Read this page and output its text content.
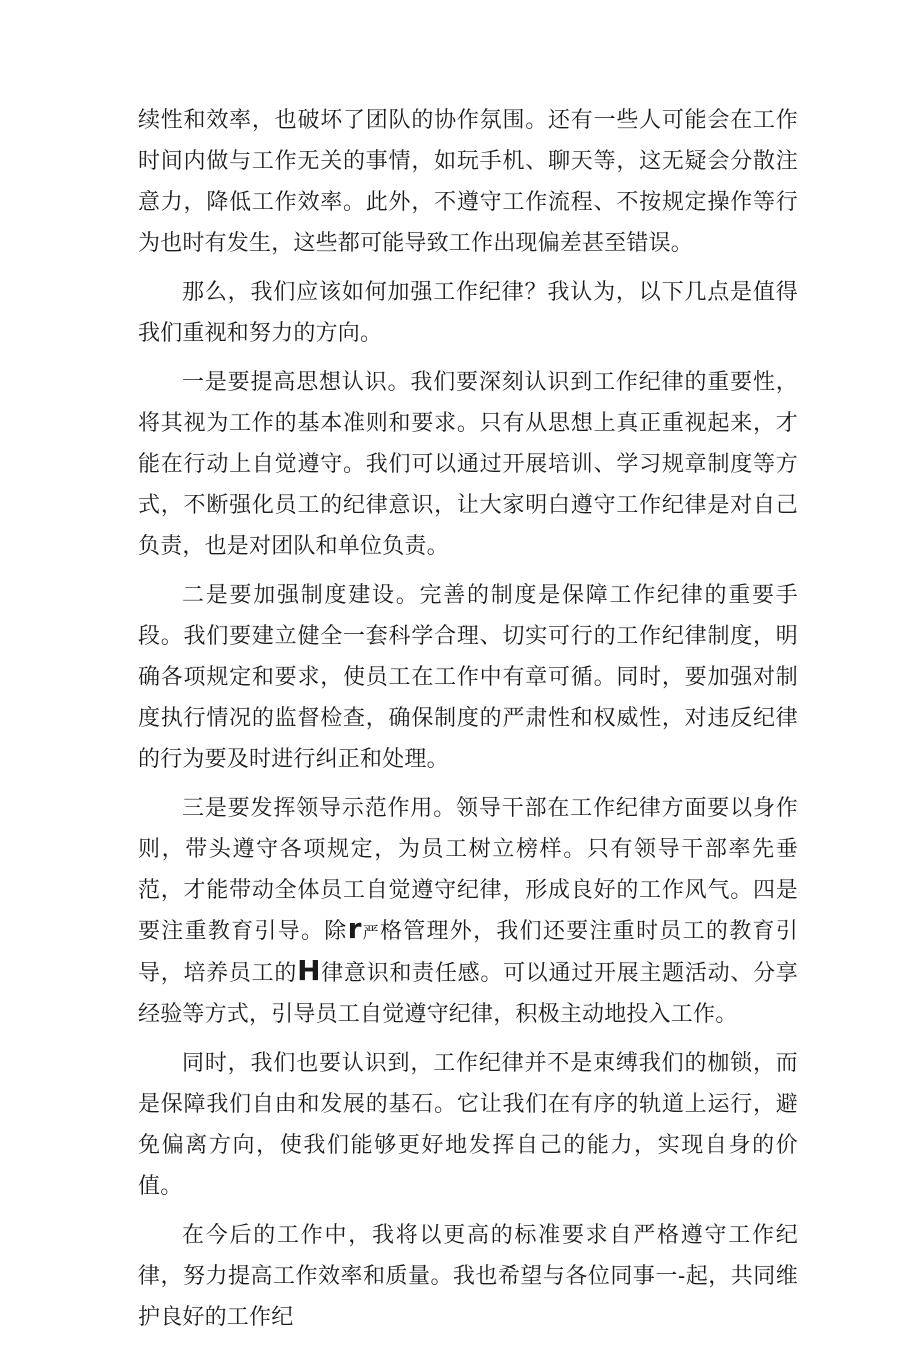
续性和效率，也破坏了团队的协作氛围。还有一些人可能会在工作时间内做与工作无关的事情，如玩手机、聊天等，这无疑会分散注意力，降低工作效率。此外，不遵守工作流程、不按规定操作等行为也时有发生，这些都可能导致工作出现偏差甚至错误。

那么，我们应该如何加强工作纪律？我认为，以下几点是值得我们重视和努力的方向。

一是要提高思想认识。我们要深刻认识到工作纪律的重要性，将其视为工作的基本准则和要求。只有从思想上真正重视起来，才能在行动上自觉遵守。我们可以通过开展培训、学习规章制度等方式，不断强化员工的纪律意识，让大家明白遵守工作纪律是对自己负责，也是对团队和单位负责。

二是要加强制度建设。完善的制度是保障工作纪律的重要手段。我们要建立健全一套科学合理、切实可行的工作纪律制度，明确各项规定和要求，使员工在工作中有章可循。同时，要加强对制度执行情况的监督检查，确保制度的严肃性和权威性，对违反纪律的行为要及时进行纠正和处理。

三是要发挥领导示范作用。领导干部在工作纪律方面要以身作则，带头遵守各项规定，为员工树立榜样。只有领导干部率先垂范，才能带动全体员工自觉遵守纪律，形成良好的工作风气。四是要注重教育引导。除r严格管理外，我们还要注重时员工的教育引导，培养员工的H律意识和责任感。可以通过开展主题活动、分享经验等方式，引导员工自觉遵守纪律，积极主动地投入工作。

同时，我们也要认识到，工作纪律并不是束缚我们的枷锁，而是保障我们自由和发展的基石。它让我们在有序的轨道上运行，避免偏离方向，使我们能够更好地发挥自己的能力，实现自身的价值。

在今后的工作中，我将以更高的标准要求自严格遵守工作纪律，努力提高工作效率和质量。我也希望与各位同事一-起，共同维护良好的工作纪
